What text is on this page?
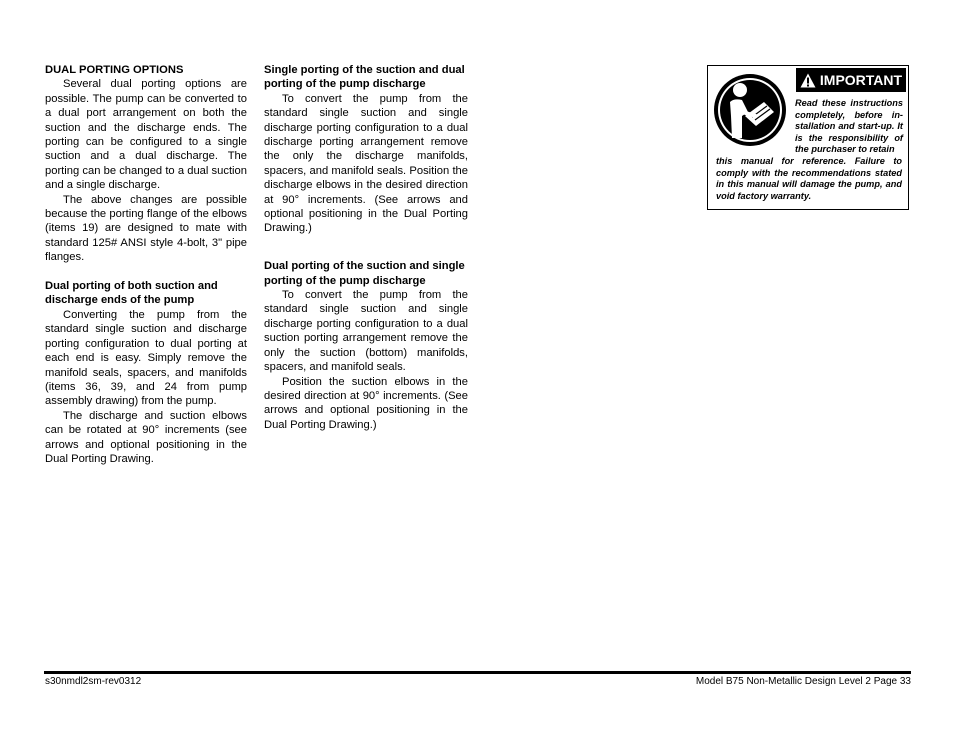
DUAL PORTING OPTIONS

Several dual porting options are possible. The pump can be converted to a dual port arrangement on both the suction and the discharge ends. The porting can be configured to a single suction and a dual discharge. The porting can be changed to a dual suction and a single discharge.

The above changes are possible because the porting flange of the elbows (items 19) are designed to mate with standard 125# ANSI style 4-bolt, 3" pipe flanges.

Dual porting of both suction and discharge ends of the pump

Converting the pump from the standard single suction and discharge porting configuration to dual porting at each end is easy. Simply remove the manifold seals, spacers, and manifolds (items 36, 39, and 24 from pump assembly drawing) from the pump.

The discharge and suction elbows can be rotated at 90° increments (see arrows and optional positioning in the Dual Porting Drawing.

Single porting of the suction and dual porting of the pump discharge

To convert the pump from the standard single suction and single discharge porting configuration to a dual discharge porting arrangement remove the only the discharge manifolds, spacers, and manifold seals. Position the discharge elbows in the desired direction at 90° increments. (See arrows and optional positioning in the Dual Porting Drawing.)

Dual porting of the suction and single porting of the pump discharge

To convert the pump from the standard single suction and single discharge porting configuration to a dual suction porting arrangement remove the only the suction (bottom) manifolds, spacers, and manifold seals.

Position the suction elbows in the desired direction at 90° increments. (See arrows and optional positioning in the Dual Porting Drawing.)

IMPORTANT
Read these instructions completely, before in-stallation and start-up. It is the responsibility of the purchaser to retain
this manual for reference. Failure to comply with the recommendations stated in this manual will damage the pump, and void factory warranty.
s30nmdl2sm-rev0312	Model B75 Non-Metallic Design Level 2 Page 33
